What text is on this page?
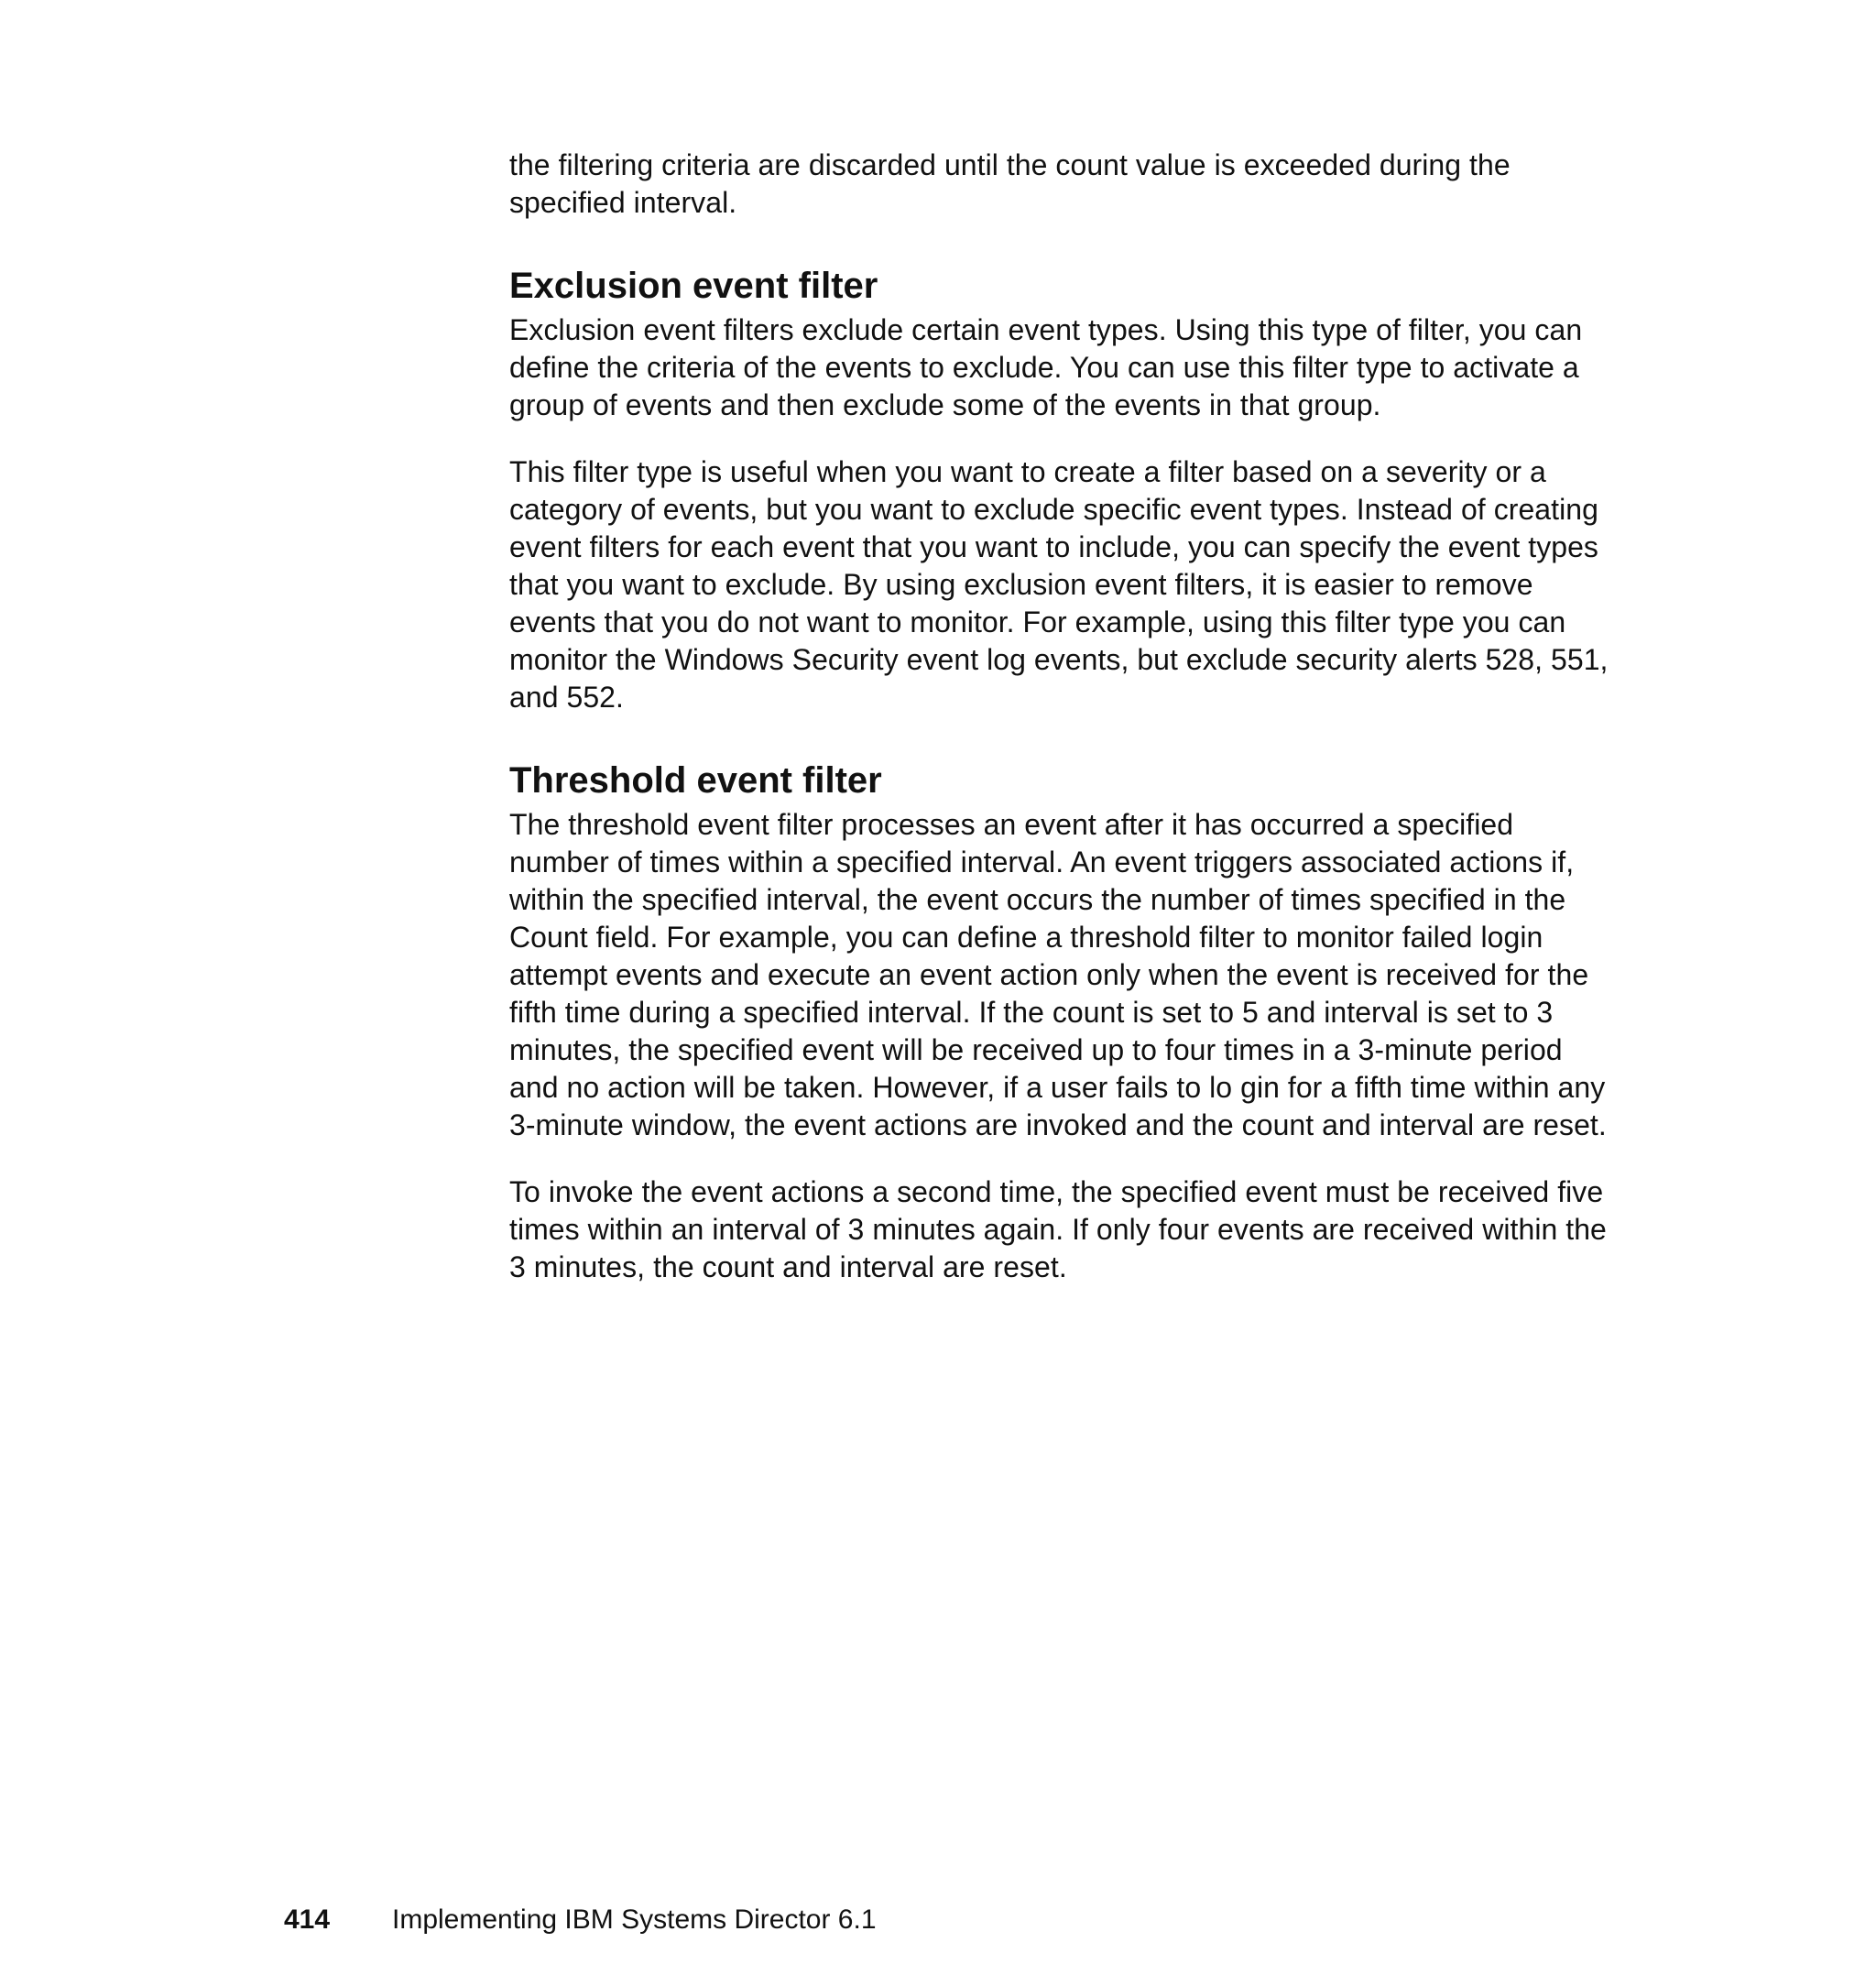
the filtering criteria are discarded until the count value is exceeded during the specified interval.

Exclusion event filter

Exclusion event filters exclude certain event types. Using this type of filter, you can define the criteria of the events to exclude. You can use this filter type to activate a group of events and then exclude some of the events in that group.

This filter type is useful when you want to create a filter based on a severity or a category of events, but you want to exclude specific event types. Instead of creating event filters for each event that you want to include, you can specify the event types that you want to exclude. By using exclusion event filters, it is easier to remove events that you do not want to monitor. For example, using this filter type you can monitor the Windows Security event log events, but exclude security alerts 528, 551, and 552.

Threshold event filter

The threshold event filter processes an event after it has occurred a specified number of times within a specified interval. An event triggers associated actions if, within the specified interval, the event occurs the number of times specified in the Count field. For example, you can define a threshold filter to monitor failed login attempt events and execute an event action only when the event is received for the fifth time during a specified interval. If the count is set to 5 and interval is set to 3 minutes, the specified event will be received up to four times in a 3-minute period and no action will be taken. However, if a user fails to lo gin for a fifth time within any 3-minute window, the event actions are invoked and the count and interval are reset.

To invoke the event actions a second time, the specified event must be received five times within an interval of 3 minutes again. If only four events are received within the 3 minutes, the count and interval are reset.

414 Implementing IBM Systems Director 6.1
